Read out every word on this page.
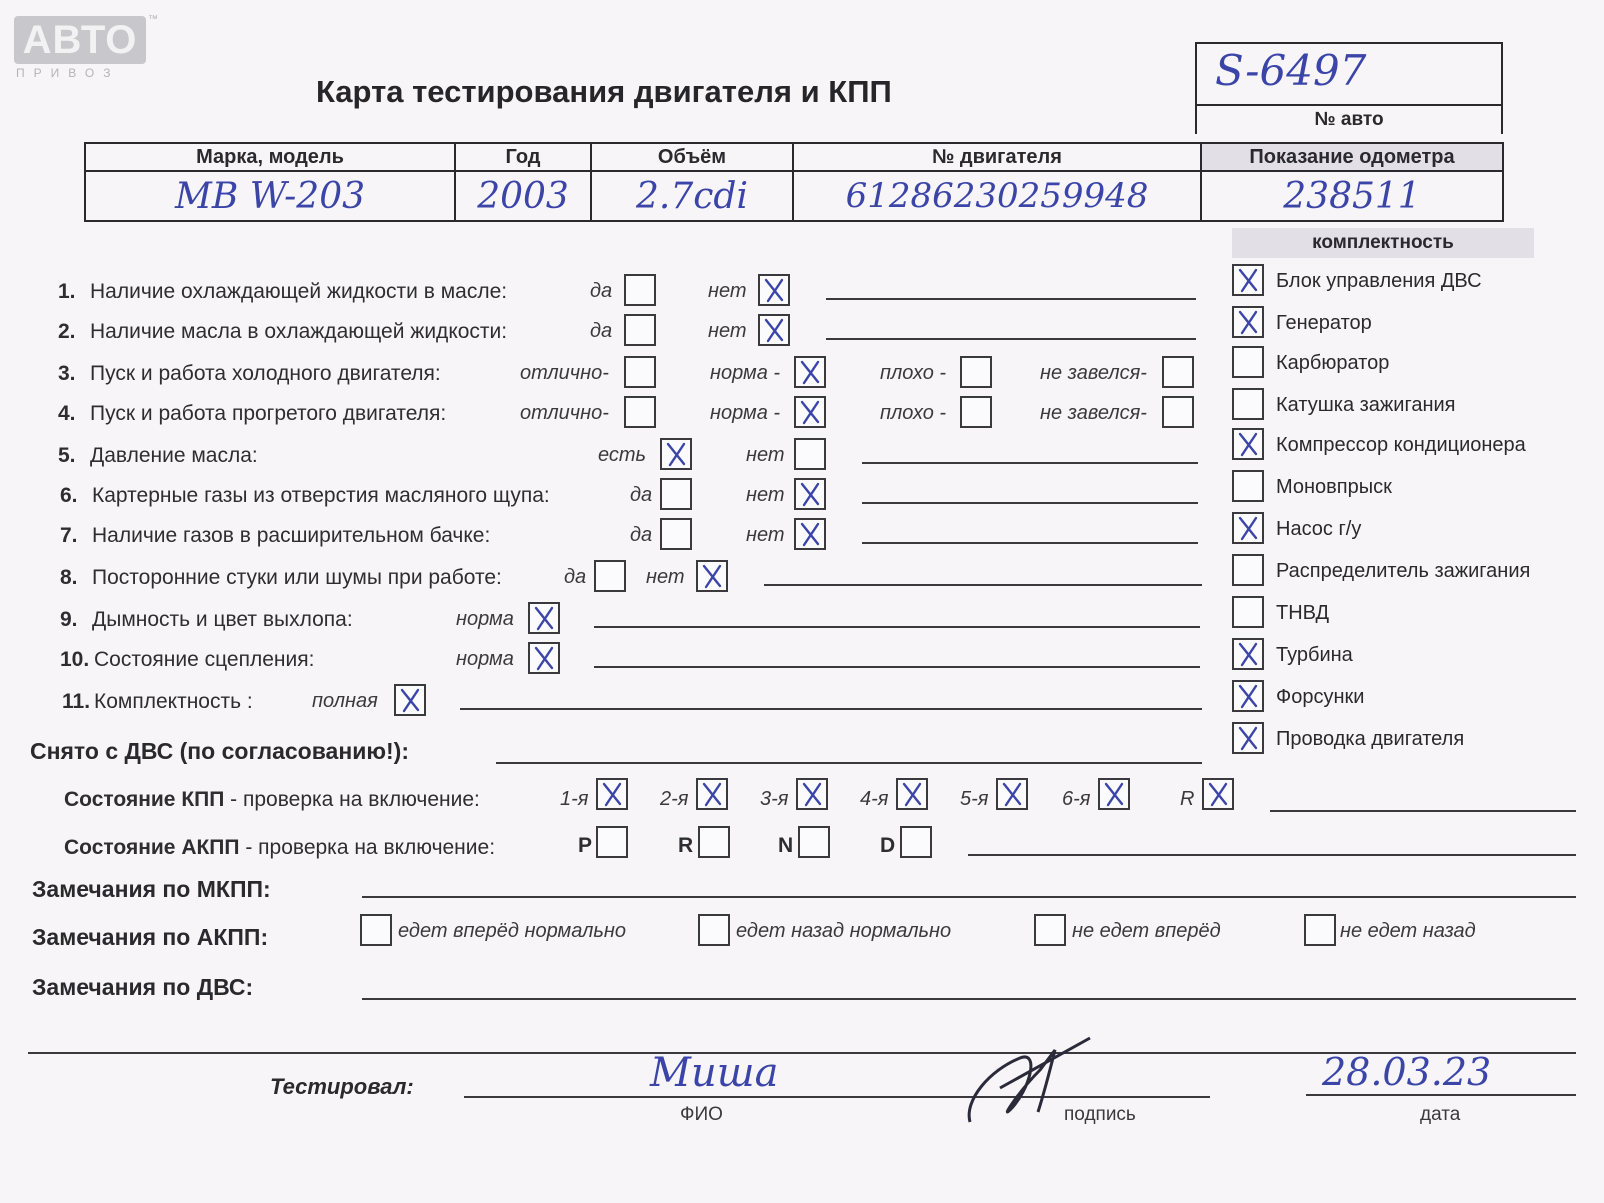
АВТО	™
ПРИВОЗ
Карта тестирования двигателя и КПП	S-6497
№ авто
Марка, модель	Год	Объём	№ двигателя	Показание одометра
MB W-203	2003	2.7cdi	61286230259948	238511
комплектность
1. Наличие охлаждающей жидкости в масле:	да	нет
2. Наличие масла в охлаждающей жидкости:	да	нет
3. Пуск и работа холодного двигателя:	отлично-	норма -	плохо -	не завелся-
4. Пуск и работа прогретого двигателя:	отлично-	норма -	плохо -	не завелся-
5. Давление масла:	есть	нет
6. Картерные газы из отверстия масляного щупа:	да	нет
7. Наличие газов в расширительном бачке:	да	нет
8. Посторонние стуки или шумы при работе:	да	нет
9. Дымность и цвет выхлопа:	норма
10. Состояние сцепления:	норма
11. Комплектность :	полная
Блок управления ДВС
Генератор
Карбюратор
Катушка зажигания
Компрессор кондиционера
Моновпрыск
Насос г/у
Распределитель зажигания
ТНВД
Турбина
Форсунки
Проводка двигателя
Снято с ДВС (по согласованию!):
Состояние КПП - проверка на включение:	1-я	2-я	3-я	4-я	5-я	6-я	R
Состояние АКПП - проверка на включение:	P	R	N	D
Замечания по МКПП:
Замечания по АКПП:	едет вперёд нормально	едет назад нормально	не едет вперёд	не едет назад
Замечания по ДВС:
Тестировал:	Миша
ФИО	подпись
28.03.23
дата
